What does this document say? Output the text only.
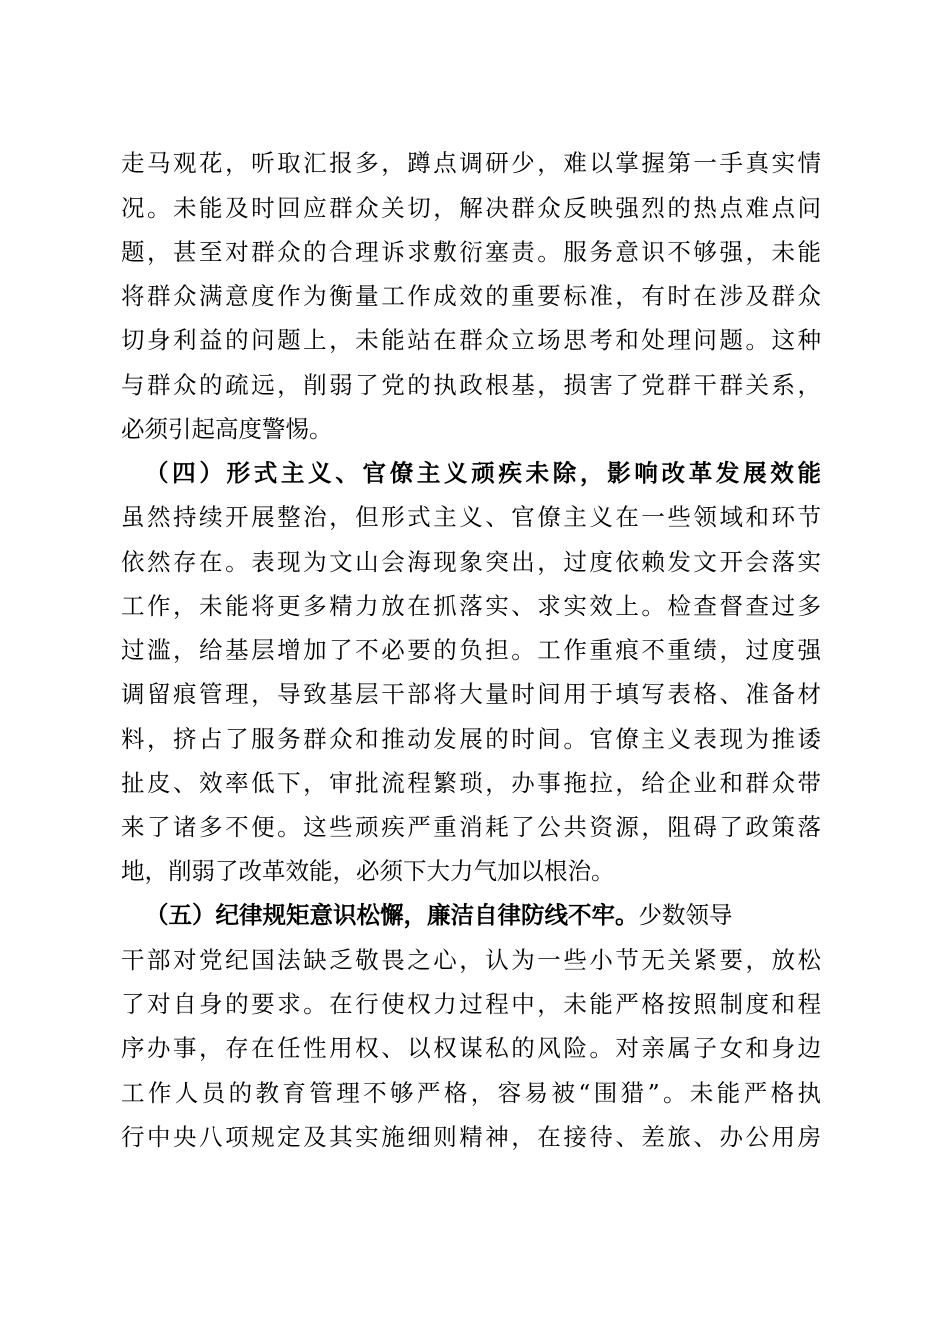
走马观花，听取汇报多，蹲点调研少，难以掌握第一手真实情
况。未能及时回应群众关切，解决群众反映强烈的热点难点问
题，甚至对群众的合理诉求敷衍塞责。服务意识不够强，未能
将群众满意度作为衡量工作成效的重要标准，有时在涉及群众
切身利益的问题上，未能站在群众立场思考和处理问题。这种
与群众的疏远，削弱了党的执政根基，损害了党群干群关系，
必须引起高度警惕。
（四）形式主义、官僚主义顽疾未除，影响改革发展效能
虽然持续开展整治，但形式主义、官僚主义在一些领域和环节
依然存在。表现为文山会海现象突出，过度依赖发文开会落实
工作，未能将更多精力放在抓落实、求实效上。检查督查过多
过滥，给基层增加了不必要的负担。工作重痕不重绩，过度强
调留痕管理，导致基层干部将大量时间用于填写表格、准备材
料，挤占了服务群众和推动发展的时间。官僚主义表现为推诿
扯皮、效率低下，审批流程繁琐，办事拖拉，给企业和群众带
来了诸多不便。这些顽疾严重消耗了公共资源，阻碍了政策落
地，削弱了改革效能，必须下大力气加以根治。
（五）纪律规矩意识松懈，廉洁自律防线不牢。少数领导
干部对党纪国法缺乏敬畏之心，认为一些小节无关紧要，放松
了对自身的要求。在行使权力过程中，未能严格按照制度和程
序办事，存在任性用权、以权谋私的风险。对亲属子女和身边
工作人员的教育管理不够严格，容易被“围猎”。未能严格执
行中央八项规定及其实施细则精神，在接待、差旅、办公用房
